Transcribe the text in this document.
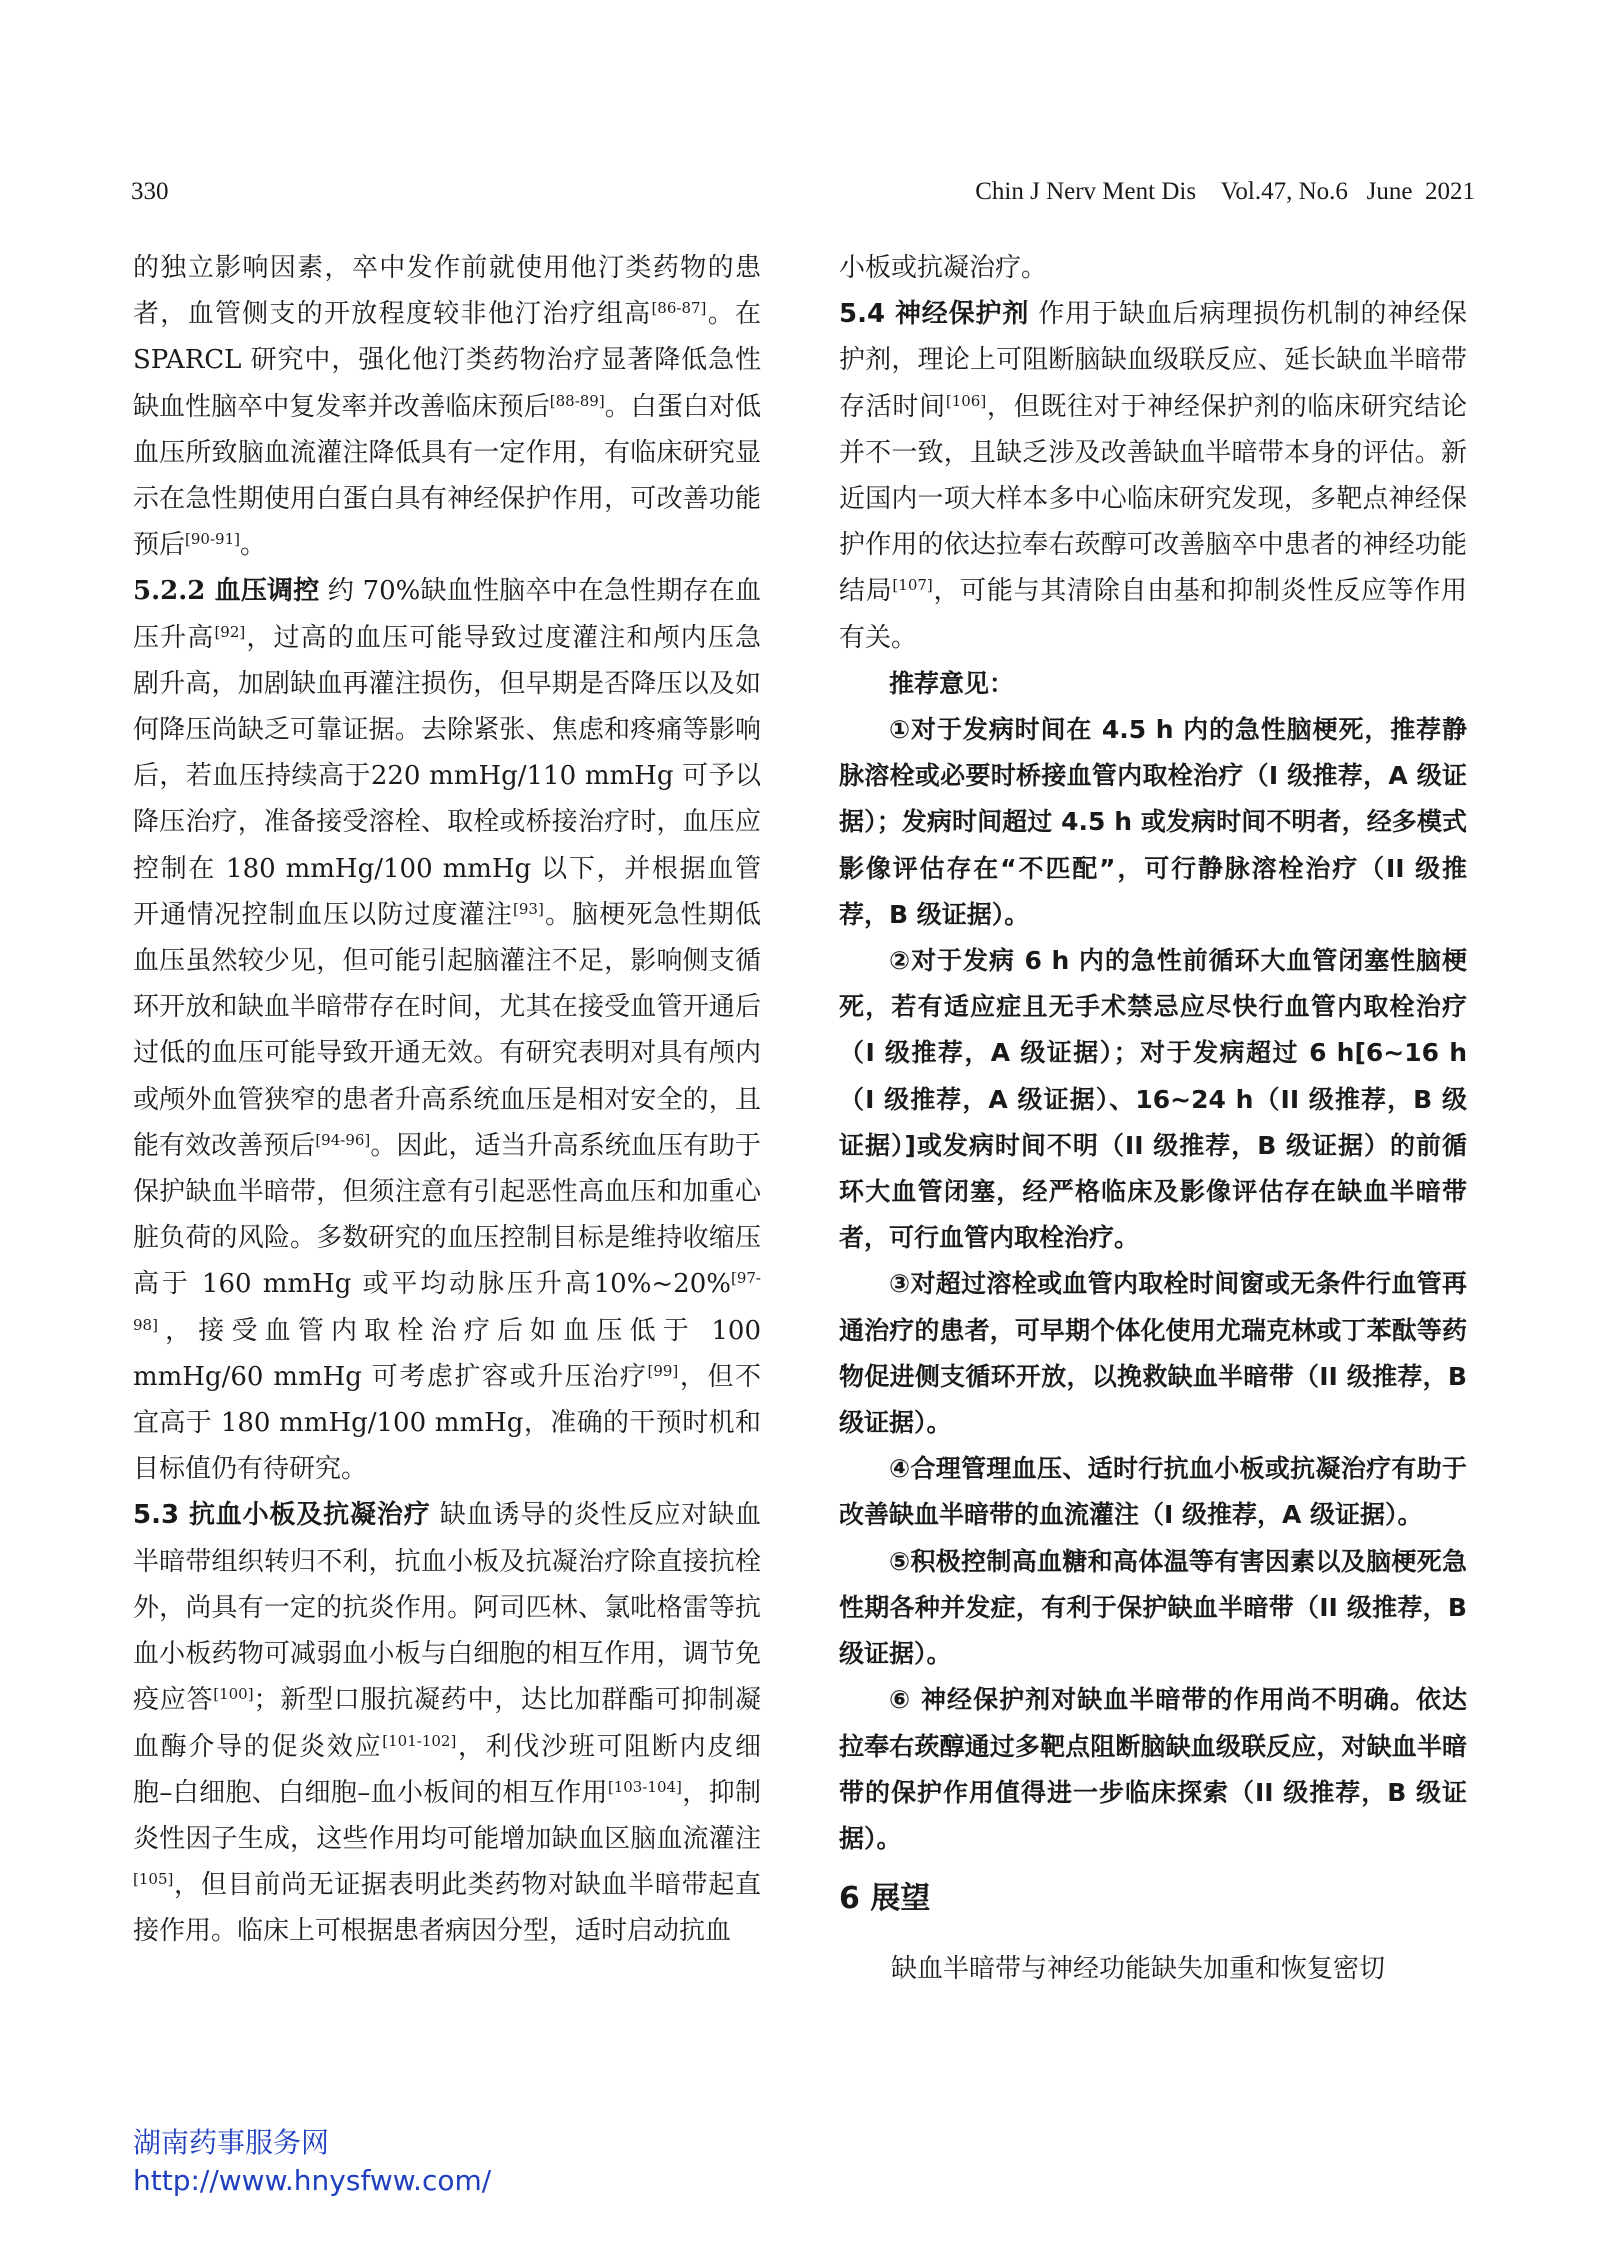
330	Chin J Nerv Ment Dis    Vol.47, No.6   June  2021

的独立影响因素，卒中发作前就使用他汀类药物的患者，血管侧支的开放程度较非他汀治疗组高[86-87]。在SPARCL 研究中，强化他汀类药物治疗显著降低急性缺血性脑卒中复发率并改善临床预后[88-89]。白蛋白对低血压所致脑血流灌注降低具有一定作用，有临床研究显示在急性期使用白蛋白具有神经保护作用，可改善功能预后[90-91]。

5.2.2 血压调控 约 70%缺血性脑卒中在急性期存在血压升高[92]，过高的血压可能导致过度灌注和颅内压急剧升高，加剧缺血再灌注损伤，但早期是否降压以及如何降压尚缺乏可靠证据。去除紧张、焦虑和疼痛等影响后，若血压持续高于220 mmHg/110 mmHg 可予以降压治疗，准备接受溶栓、取栓或桥接治疗时，血压应控制在 180 mmHg/100 mmHg 以下，并根据血管开通情况控制血压以防过度灌注[93]。脑梗死急性期低血压虽然较少见，但可能引起脑灌注不足，影响侧支循环开放和缺血半暗带存在时间，尤其在接受血管开通后过低的血压可能导致开通无效。有研究表明对具有颅内或颅外血管狭窄的患者升高系统血压是相对安全的，且能有效改善预后[94-96]。因此，适当升高系统血压有助于保护缺血半暗带，但须注意有引起恶性高血压和加重心脏负荷的风险。多数研究的血压控制目标是维持收缩压高于 160 mmHg 或平均动脉压升高10%~20%[97-98]，接受血管内取栓治疗后如血压低于 100 mmHg/60 mmHg 可考虑扩容或升压治疗[99]，但不宜高于 180 mmHg/100 mmHg，准确的干预时机和目标值仍有待研究。

5.3 抗血小板及抗凝治疗 缺血诱导的炎性反应对缺血半暗带组织转归不利，抗血小板及抗凝治疗除直接抗栓外，尚具有一定的抗炎作用。阿司匹林、氯吡格雷等抗血小板药物可减弱血小板与白细胞的相互作用，调节免疫应答[100]；新型口服抗凝药中，达比加群酯可抑制凝血酶介导的促炎效应[101-102]，利伐沙班可阻断内皮细胞–白细胞、白细胞–血小板间的相互作用[103-104]，抑制炎性因子生成，这些作用均可能增加缺血区脑血流灌注[105]，但目前尚无证据表明此类药物对缺血半暗带起直接作用。临床上可根据患者病因分型，适时启动抗血

小板或抗凝治疗。

5.4 神经保护剂 作用于缺血后病理损伤机制的神经保护剂，理论上可阻断脑缺血级联反应、延长缺血半暗带存活时间[106]，但既往对于神经保护剂的临床研究结论并不一致，且缺乏涉及改善缺血半暗带本身的评估。新近国内一项大样本多中心临床研究发现，多靶点神经保护作用的依达拉奉右莰醇可改善脑卒中患者的神经功能结局[107]，可能与其清除自由基和抑制炎性反应等作用有关。

推荐意见：

①对于发病时间在 4.5 h 内的急性脑梗死，推荐静脉溶栓或必要时桥接血管内取栓治疗（I 级推荐，A 级证据）；发病时间超过 4.5 h 或发病时间不明者，经多模式影像评估存在“不匹配”，可行静脉溶栓治疗（II 级推荐，B 级证据）。

②对于发病 6 h 内的急性前循环大血管闭塞性脑梗死，若有适应症且无手术禁忌应尽快行血管内取栓治疗（I 级推荐，A 级证据）；对于发病超过 6 h[6~16 h（I 级推荐，A 级证据）、16~24 h（II 级推荐，B 级证据）]或发病时间不明（II 级推荐，B 级证据）的前循环大血管闭塞，经严格临床及影像评估存在缺血半暗带者，可行血管内取栓治疗。

③对超过溶栓或血管内取栓时间窗或无条件行血管再通治疗的患者，可早期个体化使用尤瑞克林或丁苯酞等药物促进侧支循环开放，以挽救缺血半暗带（II 级推荐，B 级证据）。

④合理管理血压、适时行抗血小板或抗凝治疗有助于改善缺血半暗带的血流灌注（I 级推荐，A 级证据）。

⑤积极控制高血糖和高体温等有害因素以及脑梗死急性期各种并发症，有利于保护缺血半暗带（II 级推荐，B 级证据）。

⑥ 神经保护剂对缺血半暗带的作用尚不明确。依达拉奉右莰醇通过多靶点阻断脑缺血级联反应，对缺血半暗带的保护作用值得进一步临床探索（II 级推荐，B 级证据）。

6 展望

缺血半暗带与神经功能缺失加重和恢复密切

湖南药事服务网
http://www.hnysfww.com/
